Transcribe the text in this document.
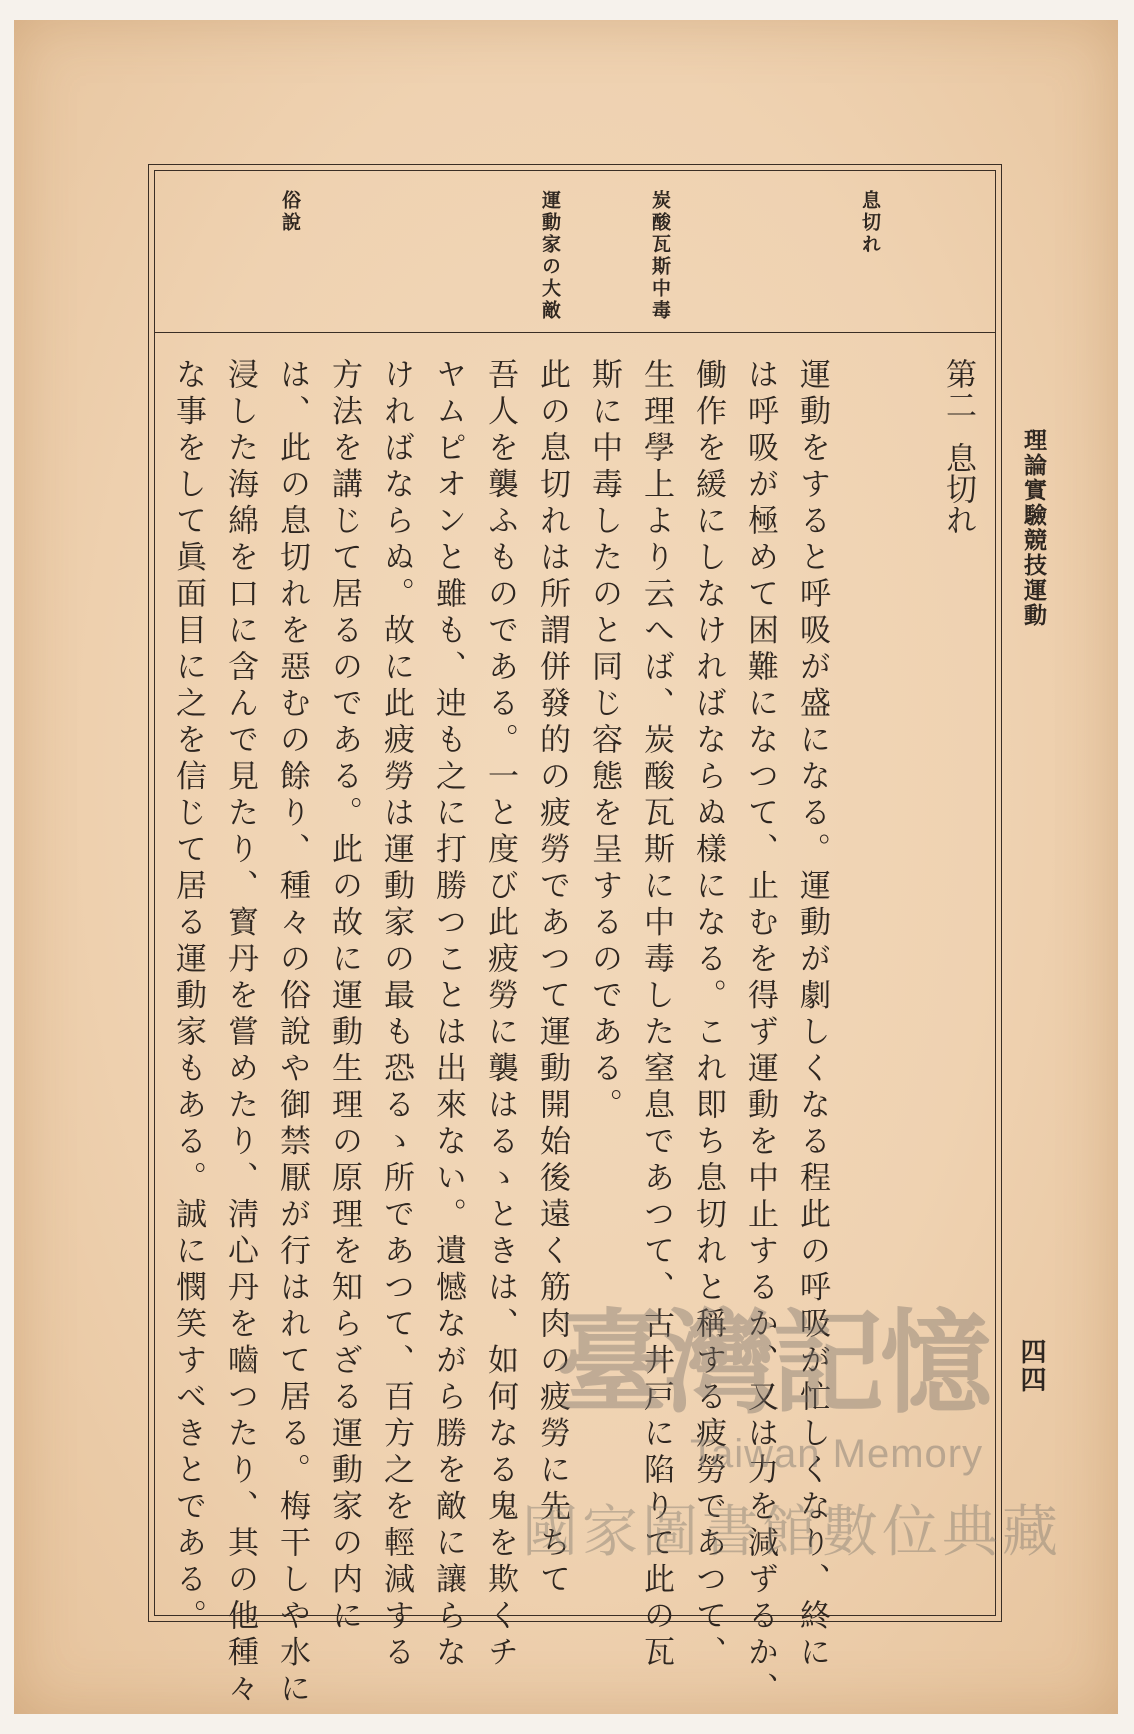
理論實驗競技運動
四四
息切れ
炭酸瓦斯中毒
運動家の大敵
俗說
第二息切れ
運動をすると呼吸が盛になる。運動が劇しくなる程此の呼吸が忙しくなり、終に
は呼吸が極めて困難になつて、止むを得ず運動を中止するか、又は力を減ずるか、
働作を緩にしなければならぬ樣になる。これ即ち息切れと稱する疲勞であつて、
生理學上より云へば、炭酸瓦斯に中毒した窒息であつて、古井戸に陷りて此の瓦
斯に中毒したのと同じ容態を呈するのである。
此の息切れは所謂併發的の疲勞であつて運動開始後遠く筋肉の疲勞に先ちて
吾人を襲ふものである。一と度び此疲勞に襲はるゝときは、如何なる鬼を欺くチ
ヤムピオンと雖も、迚も之に打勝つことは出來ない。遺憾ながら勝を敵に讓らな
ければならぬ。故に此疲勞は運動家の最も恐るゝ所であつて、百方之を輕減する
方法を講じて居るのである。此の故に運動生理の原理を知らざる運動家の内に
は、此の息切れを惡むの餘り、種々の俗說や御禁厭が行はれて居る。梅干しや水に
浸した海綿を口に含んで見たり、寳丹を嘗めたり、淸心丹を嚙つたり、其の他種々
な事をして眞面目に之を信じて居る運動家もある。誠に憫笑すべきとである。	臺灣記憶
Taiwan Memory
國家圖書館數位典藏
